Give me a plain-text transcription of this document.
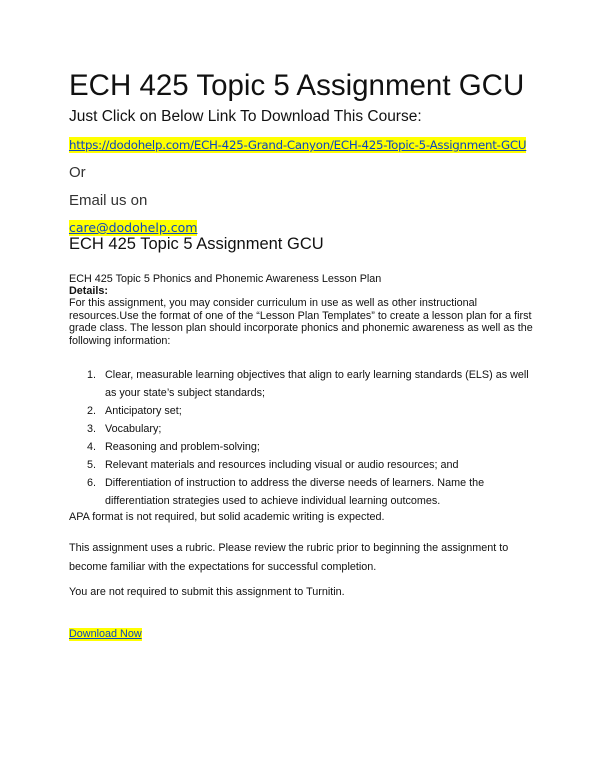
ECH 425 Topic 5 Assignment GCU
Just Click on Below Link To Download This Course:
https://dodohelp.com/ECH-425-Grand-Canyon/ECH-425-Topic-5-Assignment-GCU
Or
Email us on
care@dodohelp.com
ECH 425 Topic 5 Assignment GCU
ECH 425 Topic 5 Phonics and Phonemic Awareness Lesson Plan
Details:
For this assignment, you may consider curriculum in use as well as other instructional resources.Use the format of one of the “Lesson Plan Templates” to create a lesson plan for a first grade class. The lesson plan should incorporate phonics and phonemic awareness as well as the following information:
1. Clear, measurable learning objectives that align to early learning standards (ELS) as well as your state’s subject standards;
2. Anticipatory set;
3. Vocabulary;
4. Reasoning and problem-solving;
5. Relevant materials and resources including visual or audio resources; and
6. Differentiation of instruction to address the diverse needs of learners. Name the differentiation strategies used to achieve individual learning outcomes.
APA format is not required, but solid academic writing is expected.
This assignment uses a rubric. Please review the rubric prior to beginning the assignment to become familiar with the expectations for successful completion.
You are not required to submit this assignment to Turnitin.
Download Now
